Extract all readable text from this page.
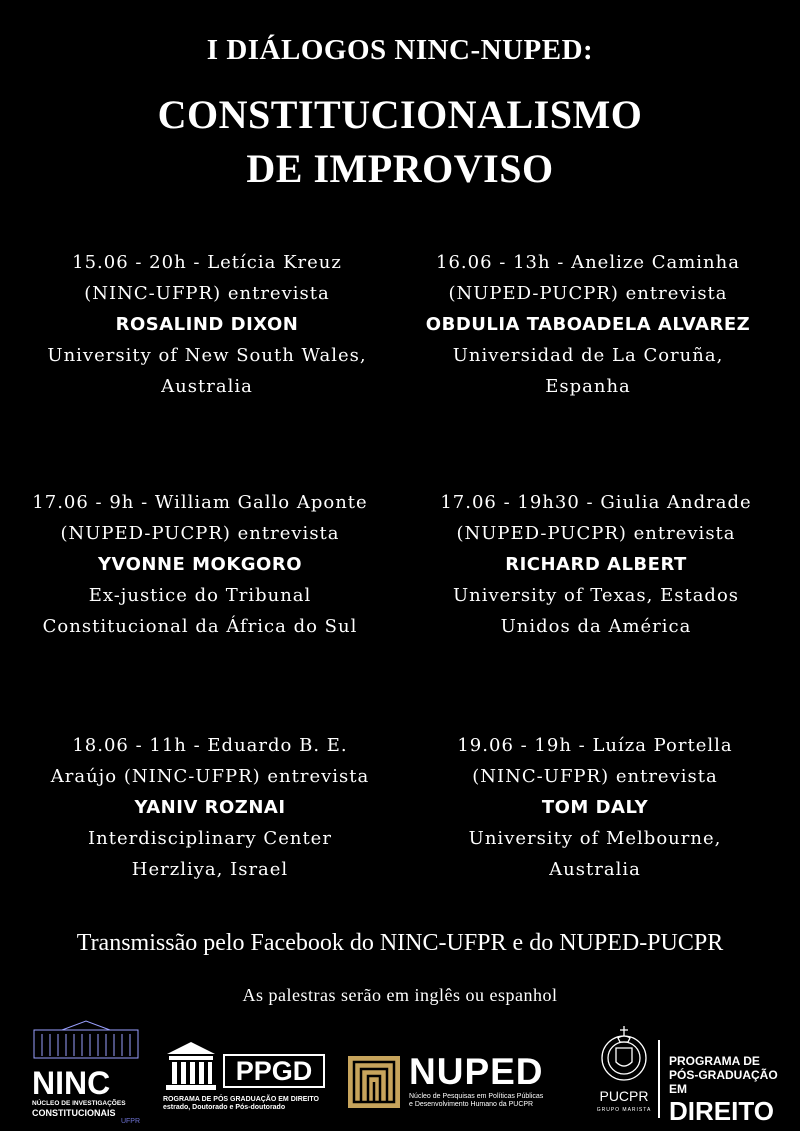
I DIÁLOGOS NINC-NUPED:
CONSTITUCIONALISMO
DE IMPROVISO
15.06 - 20h - Letícia Kreuz
(NINC-UFPR) entrevista
ROSALIND DIXON
University of New South Wales,
Australia
16.06 - 13h - Anelize Caminha
(NUPED-PUCPR) entrevista
OBDULIA TABOADELA ALVAREZ
Universidad de La Coruña,
Espanha
17.06 - 9h - William Gallo Aponte
(NUPED-PUCPR) entrevista
YVONNE MOKGORO
Ex-justice do Tribunal
Constitucional da África do Sul
17.06 - 19h30 - Giulia Andrade
(NUPED-PUCPR) entrevista
RICHARD ALBERT
University of Texas, Estados
Unidos da América
18.06 - 11h - Eduardo B. E.
Araújo (NINC-UFPR) entrevista
YANIV ROZNAI
Interdisciplinary Center
Herzliya, Israel
19.06 - 19h - Luíza Portella
(NINC-UFPR) entrevista
TOM DALY
University of Melbourne,
Australia
Transmissão pelo Facebook do NINC-UFPR e do NUPED-PUCPR
As palestras serão em inglês ou espanhol
NINC
NÚCLEO DE INVESTIGAÇÕES
CONSTITUCIONAIS
UFPR
PPGD
ROGRAMA DE PÓS GRADUAÇÃO EM DIREITO
estrado, Doutorado e Pós-doutorado
NUPED
Núcleo de Pesquisas em Políticas Públicas
e Desenvolvimento Humano da PUCPR
PUCPR
GRUPO MARISTA
PROGRAMA DE
PÓS-GRADUAÇÃO EM
DIREITO
